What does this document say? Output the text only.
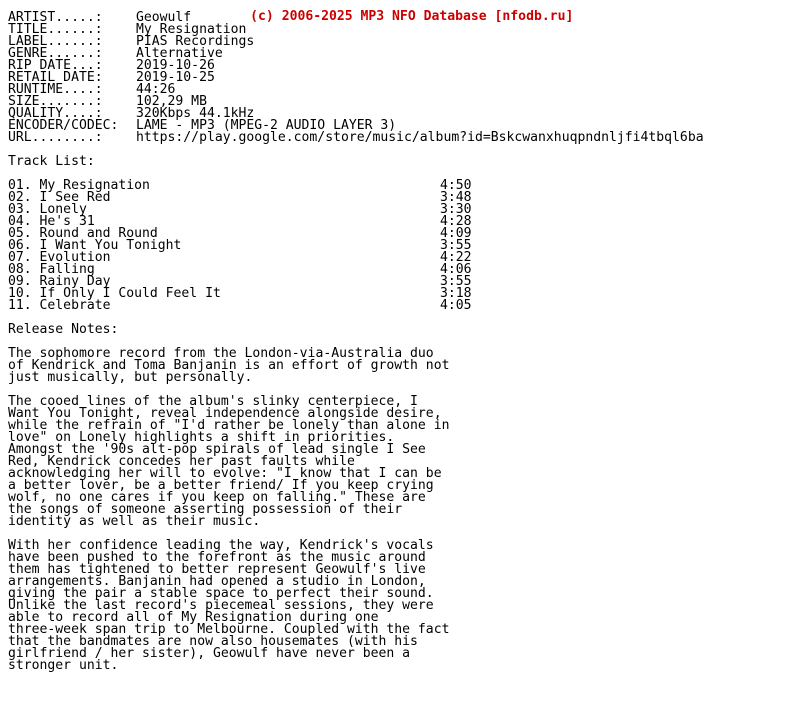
(c) 2006-2025 MP3 NFO Database [nfodb.ru]

ARTIST.....:	Geowulf
TITLE......:	My Resignation
LABEL......:	PIAS Recordings
GENRE......:	Alternative
RIP DATE...:	2019-10-26
RETAIL DATE:	2019-10-25
RUNTIME....:	44:26
SIZE.......:	102,29 MB
QUALITY....:	320Kbps 44.1kHz
ENCODER/CODEC: LAME - MP3 (MPEG-2 AUDIO LAYER 3)
URL........:	https://play.google.com/store/music/album?id=Bskcwanxhuqpndnljfi4tbql6ba
Track List:
01. My Resignation	4:50
02. I See Red	3:48
03. Lonely	3:30
04. He's 31	4:28
05. Round and Round	4:09
06. I Want You Tonight	3:55
07. Evolution	4:22
08. Falling	4:06
09. Rainy Day	3:55
10. If Only I Could Feel It	3:18
11. Celebrate	4:05
Release Notes:
The sophomore record from the London-via-Australia duo
of Kendrick and Toma Banjanin is an effort of growth not
just musically, but personally.
The cooed lines of the album's slinky centerpiece, I
Want You Tonight, reveal independence alongside desire,
while the refrain of "I'd rather be lonely than alone in
love" on Lonely highlights a shift in priorities.
Amongst the '90s alt-pop spirals of lead single I See
Red, Kendrick concedes her past faults while
acknowledging her will to evolve: "I know that I can be
a better lover, be a better friend/ If you keep crying
wolf, no one cares if you keep on falling." These are
the songs of someone asserting possession of their
identity as well as their music.
With her confidence leading the way, Kendrick's vocals
have been pushed to the forefront as the music around
them has tightened to better represent Geowulf's live
arrangements. Banjanin had opened a studio in London,
giving the pair a stable space to perfect their sound.
Unlike the last record's piecemeal sessions, they were
able to record all of My Resignation during one
three-week span trip to Melbourne. Coupled with the fact
that the bandmates are now also housemates (with his
girlfriend / her sister), Geowulf have never been a
stronger unit.
